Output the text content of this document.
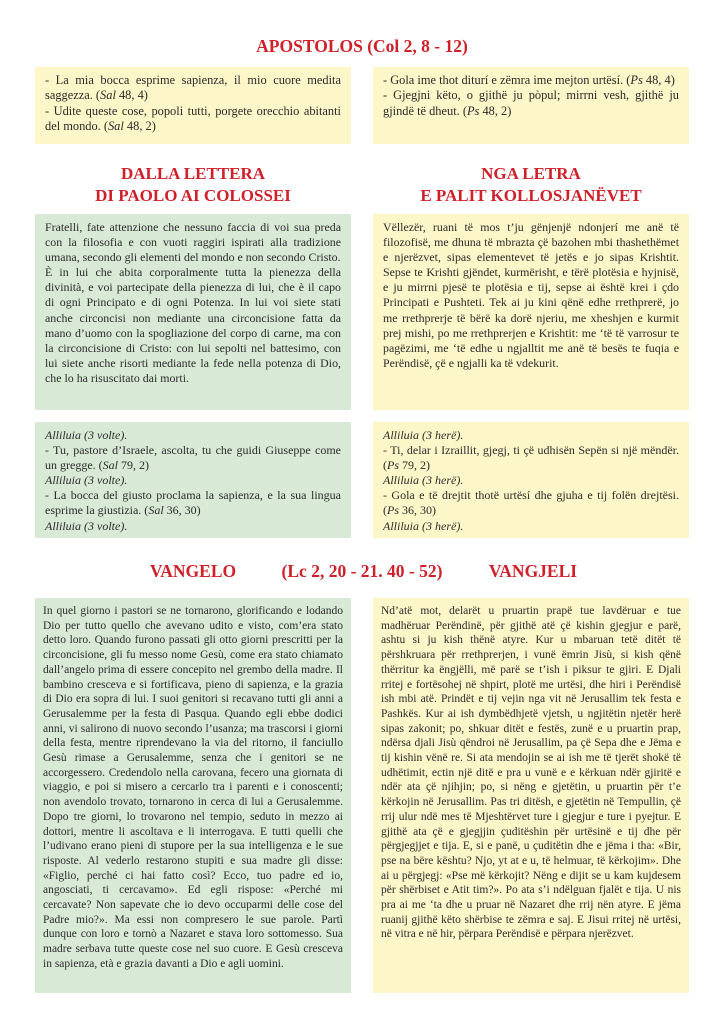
APOSTOLOS (Col 2, 8 - 12)

- La mia bocca esprime sapienza, il mio cuore medita saggezza. (Sal 48, 4)

- Udite queste cose, popoli tutti, porgete orecchio abitanti del mondo. (Sal 48, 2)

- Gola ime thot diturí e zëmra ime mejton urtësí. (Ps 48, 4)

- Gjegjni këto, o gjithë ju pòpul; mirrni vesh, gjithë ju gjindë të dheut. (Ps 48, 2)

DALLA LETTERA
DI PAOLO AI COLOSSEI
NGA LETRA
E PALIT KOLLOSJANËVET

Fratelli, fate attenzione che nessuno faccia di voi sua preda con la filosofia e con vuoti raggiri ispirati alla tradizione umana, secondo gli elementi del mondo e non secondo Cristo.

È in lui che abita corporalmente tutta la pienezza della divinità, e voi partecipate della pienezza di lui, che è il capo di ogni Principato e di ogni Potenza. In lui voi siete stati anche circoncisi non mediante una circoncisione fatta da mano d’uomo con la spogliazione del corpo di carne, ma con la circoncisione di Cristo: con lui sepolti nel battesimo, con lui siete anche risorti mediante la fede nella potenza di Dio, che lo ha risuscitato dai morti.

Vëllezër, ruani të mos t’ju gënjenjë ndonjerí me anë të filozofisë, me dhuna të mbrazta çë bazohen mbi thashethëmet e njerëzvet, sipas elementevet të jetës e jo sipas Krishtit. Sepse te Krishti gjëndet, kurmërisht, e tërë plotësia e hyjnisë, e ju mirrni pjesë te plotësia e tij, sepse ai është krei i çdo Principati e Pushteti. Tek ai ju kini qënë edhe rrethprerë, jo me rrethprerje të bërë ka dorë njeriu, me xheshjen e kurmit prej mishi, po me rrethprerjen e Krishtit: me ‘të të varrosur te pagëzimi, me ‘të edhe u ngjalltit me anë të besës te fuqia e Perëndisë, çë e ngjalli ka të vdekurit.

Alliluia (3 volte).

- Tu, pastore d’Israele, ascolta, tu che guidi Giuseppe come un gregge. (Sal 79, 2)

Alliluia (3 volte).

- La bocca del giusto proclama la sapienza, e la sua lingua esprime la giustizia. (Sal 36, 30)

Alliluia (3 volte).

Alliluia (3 herë).

- Ti, delar i Izraillit, gjegj, ti çë udhisën Sepën si një mëndër. (Ps 79, 2)

Alliluia (3 herë).

- Gola e të drejtit thotë urtësí dhe gjuha e tij folën drejtësi. (Ps 36, 30)

Alliluia (3 herë).

VANGELO	(Lc 2, 20 - 21. 40 - 52)	VANGJELI

In quel giorno i pastori se ne tornarono, glorificando e lodando Dio per tutto quello che avevano udito e visto, com’era stato detto loro. Quando furono passati gli otto giorni prescritti per la circoncisione, gli fu messo nome Gesù, come era stato chiamato dall’angelo prima di essere concepito nel grembo della madre. Il bambino cresceva e si fortificava, pieno di sapienza, e la grazia di Dio era sopra di lui. I suoi genitori si recavano tutti gli anni a Gerusalemme per la festa di Pasqua. Quando egli ebbe dodici anni, vi salirono di nuovo secondo l’usanza; ma trascorsi i giorni della festa, mentre riprendevano la via del ritorno, il fanciullo Gesù rimase a Gerusalemme, senza che i genitori se ne accorgessero. Credendolo nella carovana, fecero una giornata di viaggio, e poi si misero a cercarlo tra i parenti e i conoscenti; non avendolo trovato, tornarono in cerca di lui a Gerusalemme. Dopo tre giorni, lo trovarono nel tempio, seduto in mezzo ai dottori, mentre li ascoltava e li interrogava. E tutti quelli che l’udivano erano pieni di stupore per la sua intelligenza e le sue risposte. Al vederlo restarono stupiti e sua madre gli disse: «Figlio, perché ci hai fatto così? Ecco, tuo padre ed io, angosciati, ti cercavamo». Ed egli rispose: «Perché mi cercavate? Non sapevate che io devo occuparmi delle cose del Padre mio?». Ma essi non compresero le sue parole. Partì dunque con loro e tornò a Nazaret e stava loro sottomesso. Sua madre serbava tutte queste cose nel suo cuore. E Gesù cresceva in sapienza, età e grazia davanti a Dio e agli uomini.

Nd’atë mot, delarët u pruartin prapë tue lavdëruar e tue madhëruar Perëndinë, për gjithë atë çë kishin gjegjur e parë, ashtu si ju kish thënë atyre. Kur u mbaruan tetë ditët të përshkruara për rrethprerjen, i vunë ëmrin Jisù, si kish qënë thërritur ka ëngjëlli, më parë se t’ish i piksur te gjiri. E Djali rritej e fortësohej në shpirt, plotë me urtësi, dhe hiri i Perëndisë ish mbi atë. Prindët e tij vejin nga vit në Jerusallim tek festa e Pashkës. Kur ai ish dymbëdhjetë vjetsh, u ngjitëtin njetër herë sipas zakonit; po, shkuar ditët e festës, zunë e u pruartin prap, ndërsa djali Jisù qëndroi në Jerusallim, pa çë Sepa dhe e Jëma e tij kishin vënë re. Si ata mendojin se ai ish me të tjerët shokë të udhëtimit, ectin një ditë e pra u vunë e e kërkuan ndër gjiritë e ndër ata çë njihjin; po, si nëng e gjetëtin, u pruartin për t’e kërkojin në Jerusallim. Pas tri ditësh, e gjetëtin në Tempullin, çë rrij ulur ndë mes të Mjeshtërvet ture i gjegjur e ture i pyejtur. E gjithë ata çë e gjegjjin çuditëshin për urtësinë e tij dhe për përgjegjjet e tija. E, si e panë, u çuditëtin dhe e jëma i tha: «Bir, pse na bëre kështu? Njo, yt at e u, të helmuar, të kërkojim». Dhe ai u përgjegj: «Pse më kërkojit? Nëng e dijit se u kam kujdesem për shërbiset e Atit tim?». Po ata s’i ndëlguan fjalët e tija. U nis pra ai me ‘ta dhe u pruar në Nazaret dhe rrij nën atyre. E jëma ruanij gjithë këto shërbise te zëmra e saj. E Jisui rritej në urtësi, në vitra e në hir, përpara Perëndisë e përpara njerëzvet.
